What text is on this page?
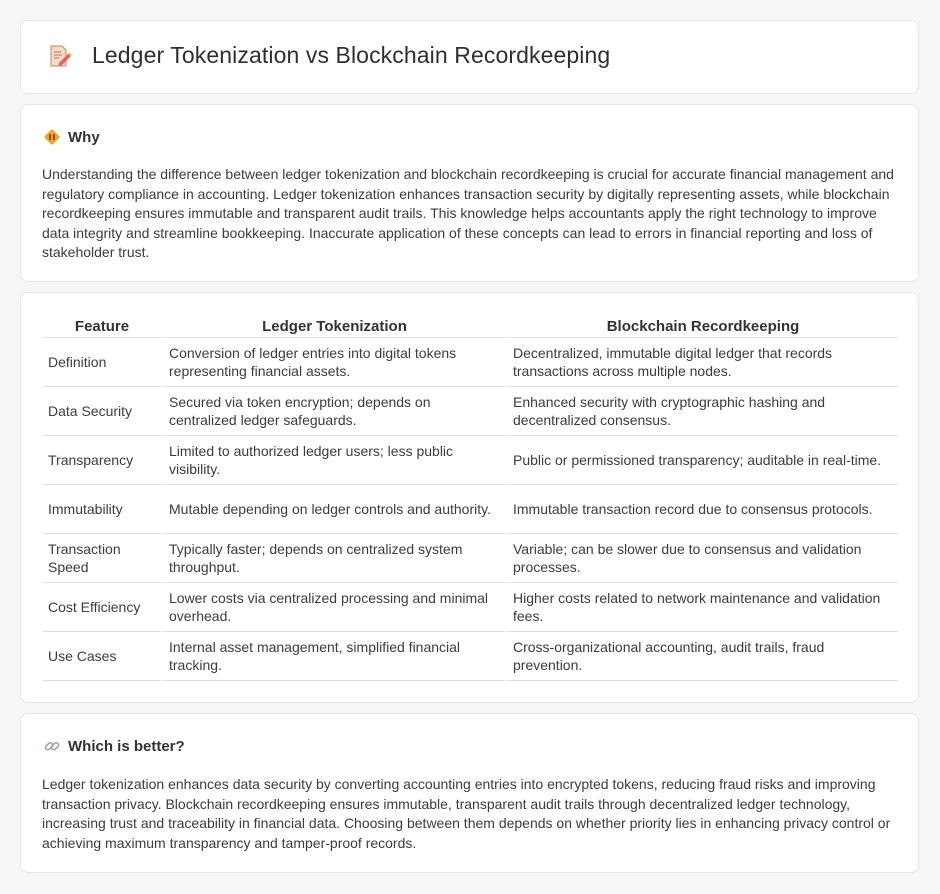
Ledger Tokenization vs Blockchain Recordkeeping
Why

Understanding the difference between ledger tokenization and blockchain recordkeeping is crucial for accurate financial management and regulatory compliance in accounting. Ledger tokenization enhances transaction security by digitally representing assets, while blockchain recordkeeping ensures immutable and transparent audit trails. This knowledge helps accountants apply the right technology to improve data integrity and streamline bookkeeping. Inaccurate application of these concepts can lead to errors in financial reporting and loss of stakeholder trust.

Feature	Ledger Tokenization	Blockchain Recordkeeping
Definition	Conversion of ledger entries into digital tokens representing financial assets.	Decentralized, immutable digital ledger that records transactions across multiple nodes.
Data Security	Secured via token encryption; depends on centralized ledger safeguards.	Enhanced security with cryptographic hashing and decentralized consensus.
Transparency	Limited to authorized ledger users; less public visibility.	Public or permissioned transparency; auditable in real-time.
Immutability	Mutable depending on ledger controls and authority.	Immutable transaction record due to consensus protocols.
Transaction Speed	Typically faster; depends on centralized system throughput.	Variable; can be slower due to consensus and validation processes.
Cost Efficiency	Lower costs via centralized processing and minimal overhead.	Higher costs related to network maintenance and validation fees.
Use Cases	Internal asset management, simplified financial tracking.	Cross-organizational accounting, audit trails, fraud prevention.
Which is better?

Ledger tokenization enhances data security by converting accounting entries into encrypted tokens, reducing fraud risks and improving transaction privacy. Blockchain recordkeeping ensures immutable, transparent audit trails through decentralized ledger technology, increasing trust and traceability in financial data. Choosing between them depends on whether priority lies in enhancing privacy control or achieving maximum transparency and tamper-proof records.
